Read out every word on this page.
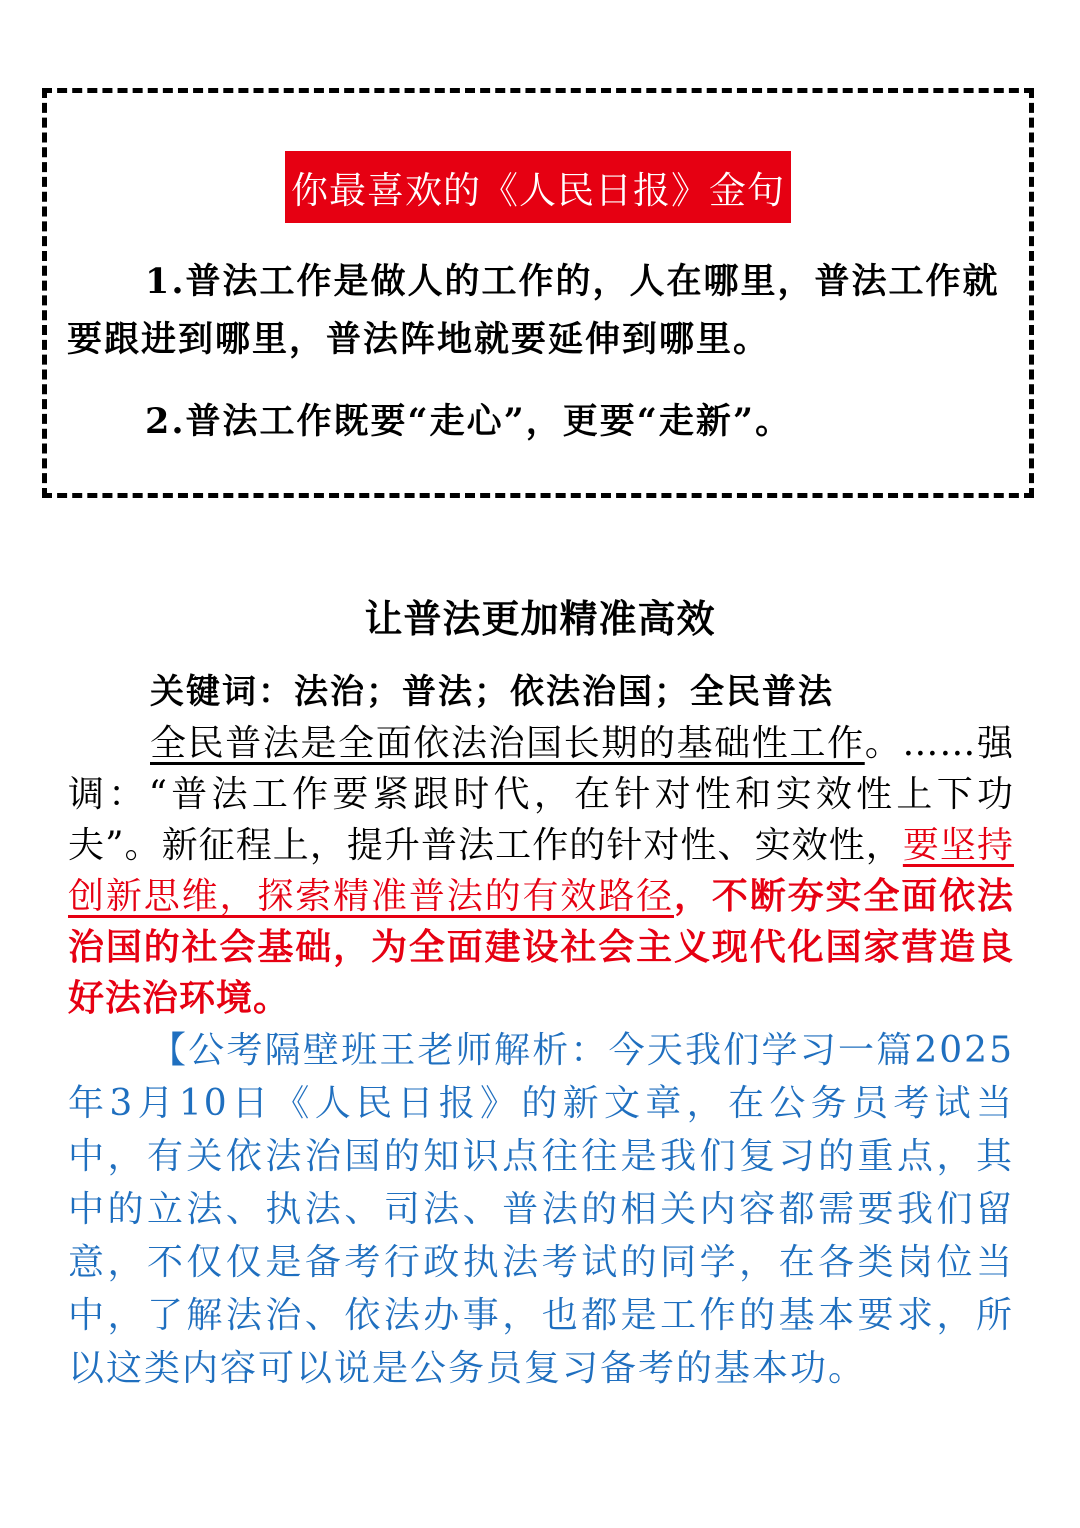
你最喜欢的《人民日报》金句
1.普法工作是做人的工作的，人在哪里，普法工作就要跟进到哪里，普法阵地就要延伸到哪里。
2.普法工作既要“走心”，更要“走新”。
让普法更加精准高效
关键词：法治；普法；依法治国；全民普法
全民普法是全面依法治国长期的基础性工作。……强调：“普法工作要紧跟时代，在针对性和实效性上下功夫”。新征程上，提升普法工作的针对性、实效性，要坚持创新思维，探索精准普法的有效路径，不断夯实全面依法治国的社会基础，为全面建设社会主义现代化国家营造良好法治环境。
【公考隔壁班王老师解析：今天我们学习一篇2025年3月10日《人民日报》的新文章，在公务员考试当中，有关依法治国的知识点往往是我们复习的重点，其中的立法、执法、司法、普法的相关内容都需要我们留意，不仅仅是备考行政执法考试的同学，在各类岗位当中，了解法治、依法办事，也都是工作的基本要求，所以这类内容可以说是公务员复习备考的基本功。
